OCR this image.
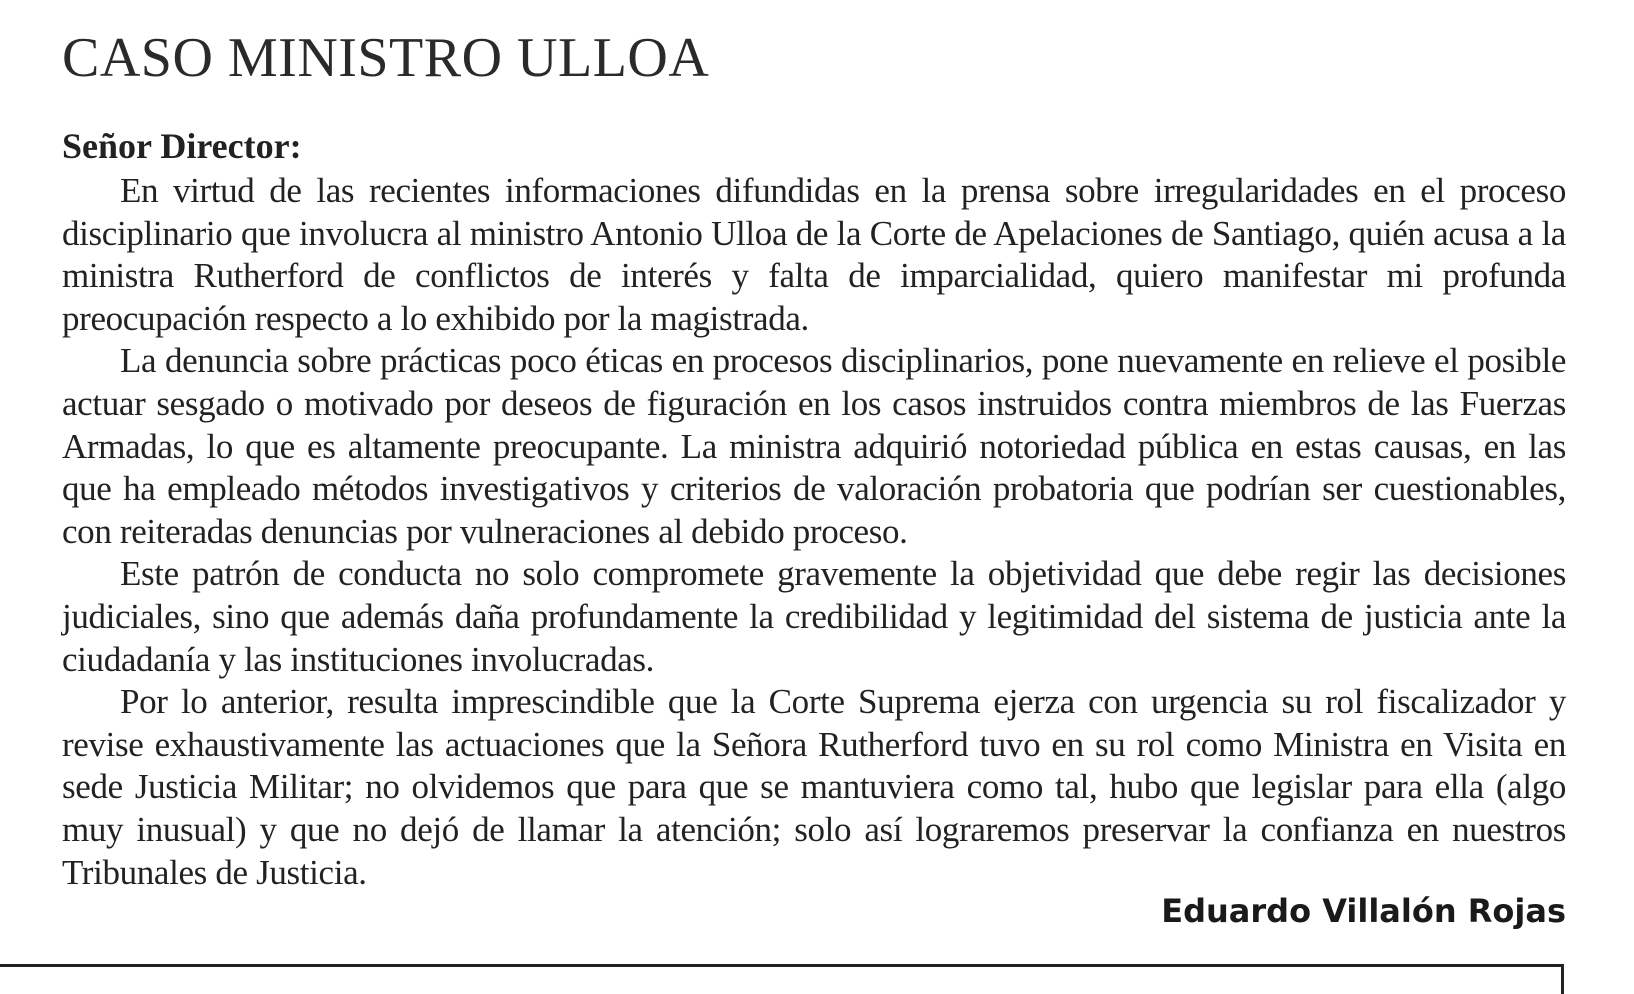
CASO MINISTRO ULLOA

Señor Director:

En virtud de las recientes informaciones difundidas en la prensa sobre irregularidades en el proceso disciplinario que involucra al ministro Antonio Ulloa de la Corte de Apelaciones de Santiago, quién acusa a la ministra Rutherford de conflictos de interés y falta de imparcialidad, quiero manifestar mi profunda preocupación respecto a lo exhibido por la magistrada.

La denuncia sobre prácticas poco éticas en procesos disciplinarios, pone nuevamente en relieve el posible actuar sesgado o motivado por deseos de figuración en los casos instruidos contra miembros de las Fuerzas Armadas, lo que es altamente preocupante. La ministra adquirió notoriedad pública en estas causas, en las que ha empleado métodos investigativos y criterios de valoración probatoria que podrían ser cuestionables, con reiteradas denuncias por vulneraciones al debido proceso.

Este patrón de conducta no solo compromete gravemente la objetividad que debe regir las decisiones judiciales, sino que además daña profundamente la credibilidad y legitimidad del sistema de justicia ante la ciudadanía y las instituciones involucradas.

Por lo anterior, resulta imprescindible que la Corte Suprema ejerza con urgencia su rol fiscalizador y revise exhaustivamente las actuaciones que la Señora Rutherford tuvo en su rol como Ministra en Visita en sede Justicia Militar; no olvidemos que para que se mantuviera como tal, hubo que legislar para ella (algo muy inusual) y que no dejó de llamar la atención; solo así lograremos preservar la confianza en nuestros Tribunales de Justicia.

Eduardo Villalón Rojas
